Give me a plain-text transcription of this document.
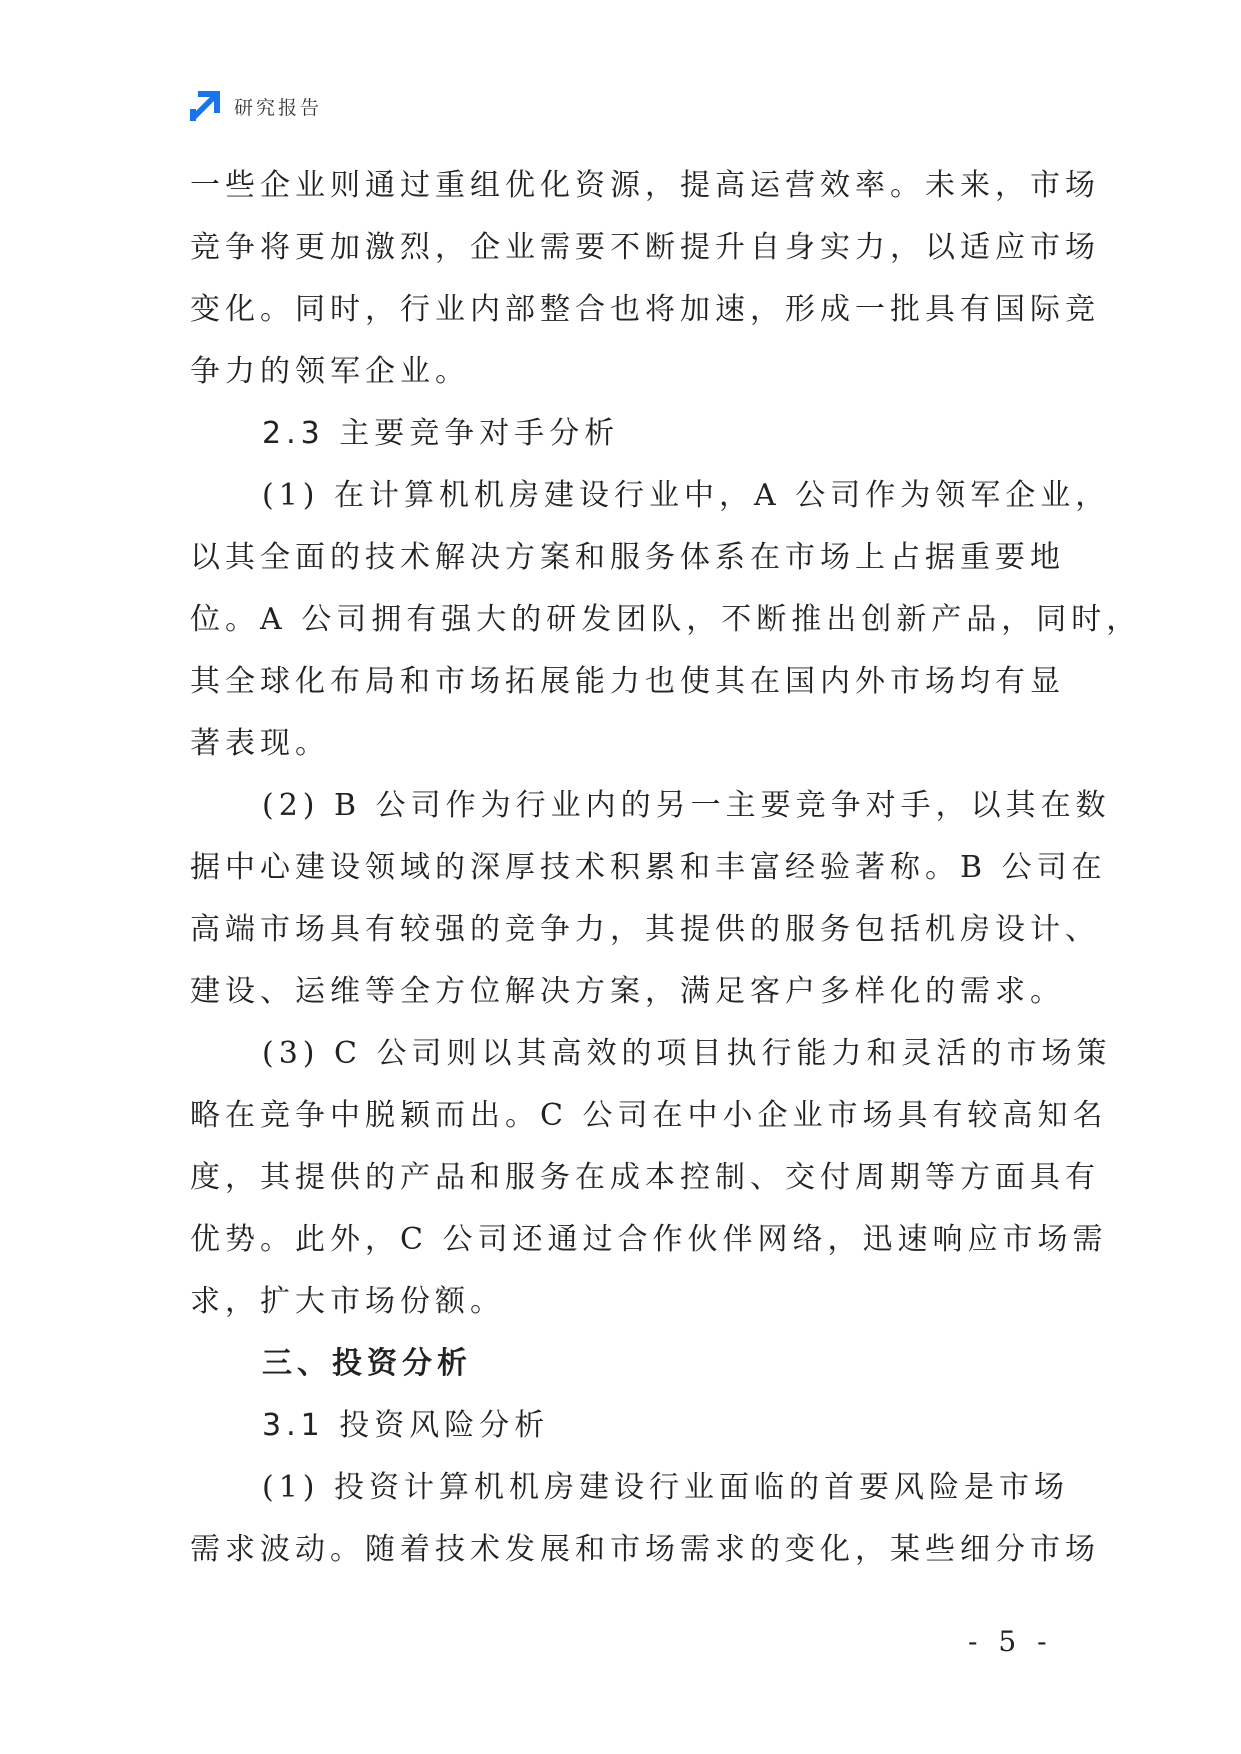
研究报告
一些企业则通过重组优化资源，提高运营效率。未来，市场
竞争将更加激烈，企业需要不断提升自身实力，以适应市场
变化。同时，行业内部整合也将加速，形成一批具有国际竞
争力的领军企业。
2.3 主要竞争对手分析
(1) 在计算机机房建设行业中，A 公司作为领军企业，
以其全面的技术解决方案和服务体系在市场上占据重要地
位。A 公司拥有强大的研发团队，不断推出创新产品，同时，
其全球化布局和市场拓展能力也使其在国内外市场均有显
著表现。
(2) B 公司作为行业内的另一主要竞争对手，以其在数
据中心建设领域的深厚技术积累和丰富经验著称。B 公司在
高端市场具有较强的竞争力，其提供的服务包括机房设计、
建设、运维等全方位解决方案，满足客户多样化的需求。
(3) C 公司则以其高效的项目执行能力和灵活的市场策
略在竞争中脱颖而出。C 公司在中小企业市场具有较高知名
度，其提供的产品和服务在成本控制、交付周期等方面具有
优势。此外，C 公司还通过合作伙伴网络，迅速响应市场需
求，扩大市场份额。
三、投资分析
3.1 投资风险分析
(1) 投资计算机机房建设行业面临的首要风险是市场
需求波动。随着技术发展和市场需求的变化，某些细分市场
- 5 -
